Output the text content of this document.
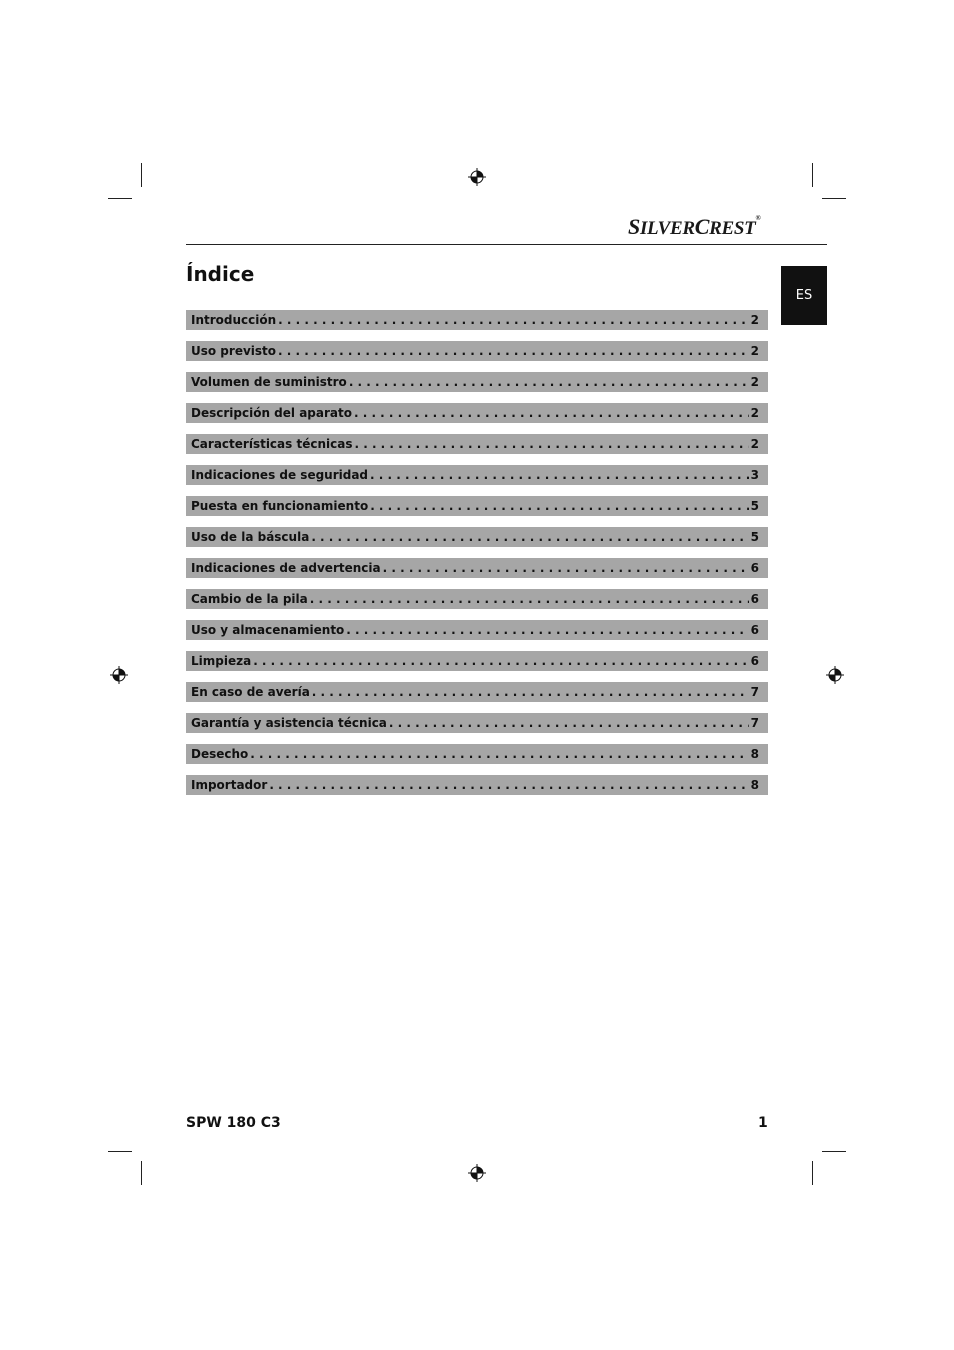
SILVERCREST®
Índice
ES
Introducción . . .	2
Uso previsto . . .	2
Volumen de suministro . . .	2
Descripción del aparato . . .	2
Características técnicas . . .	2
Indicaciones de seguridad . . .	3
Puesta en funcionamiento . . .	5
Uso de la báscula . . .	5
Indicaciones de advertencia . . .	6
Cambio de la pila . . .	6
Uso y almacenamiento . . .	6
Limpieza . . .	6
En caso de avería . . .	7
Garantía y asistencia técnica . . .	7
Desecho . . .	8
Importador . . .	8
SPW 180 C3	1
